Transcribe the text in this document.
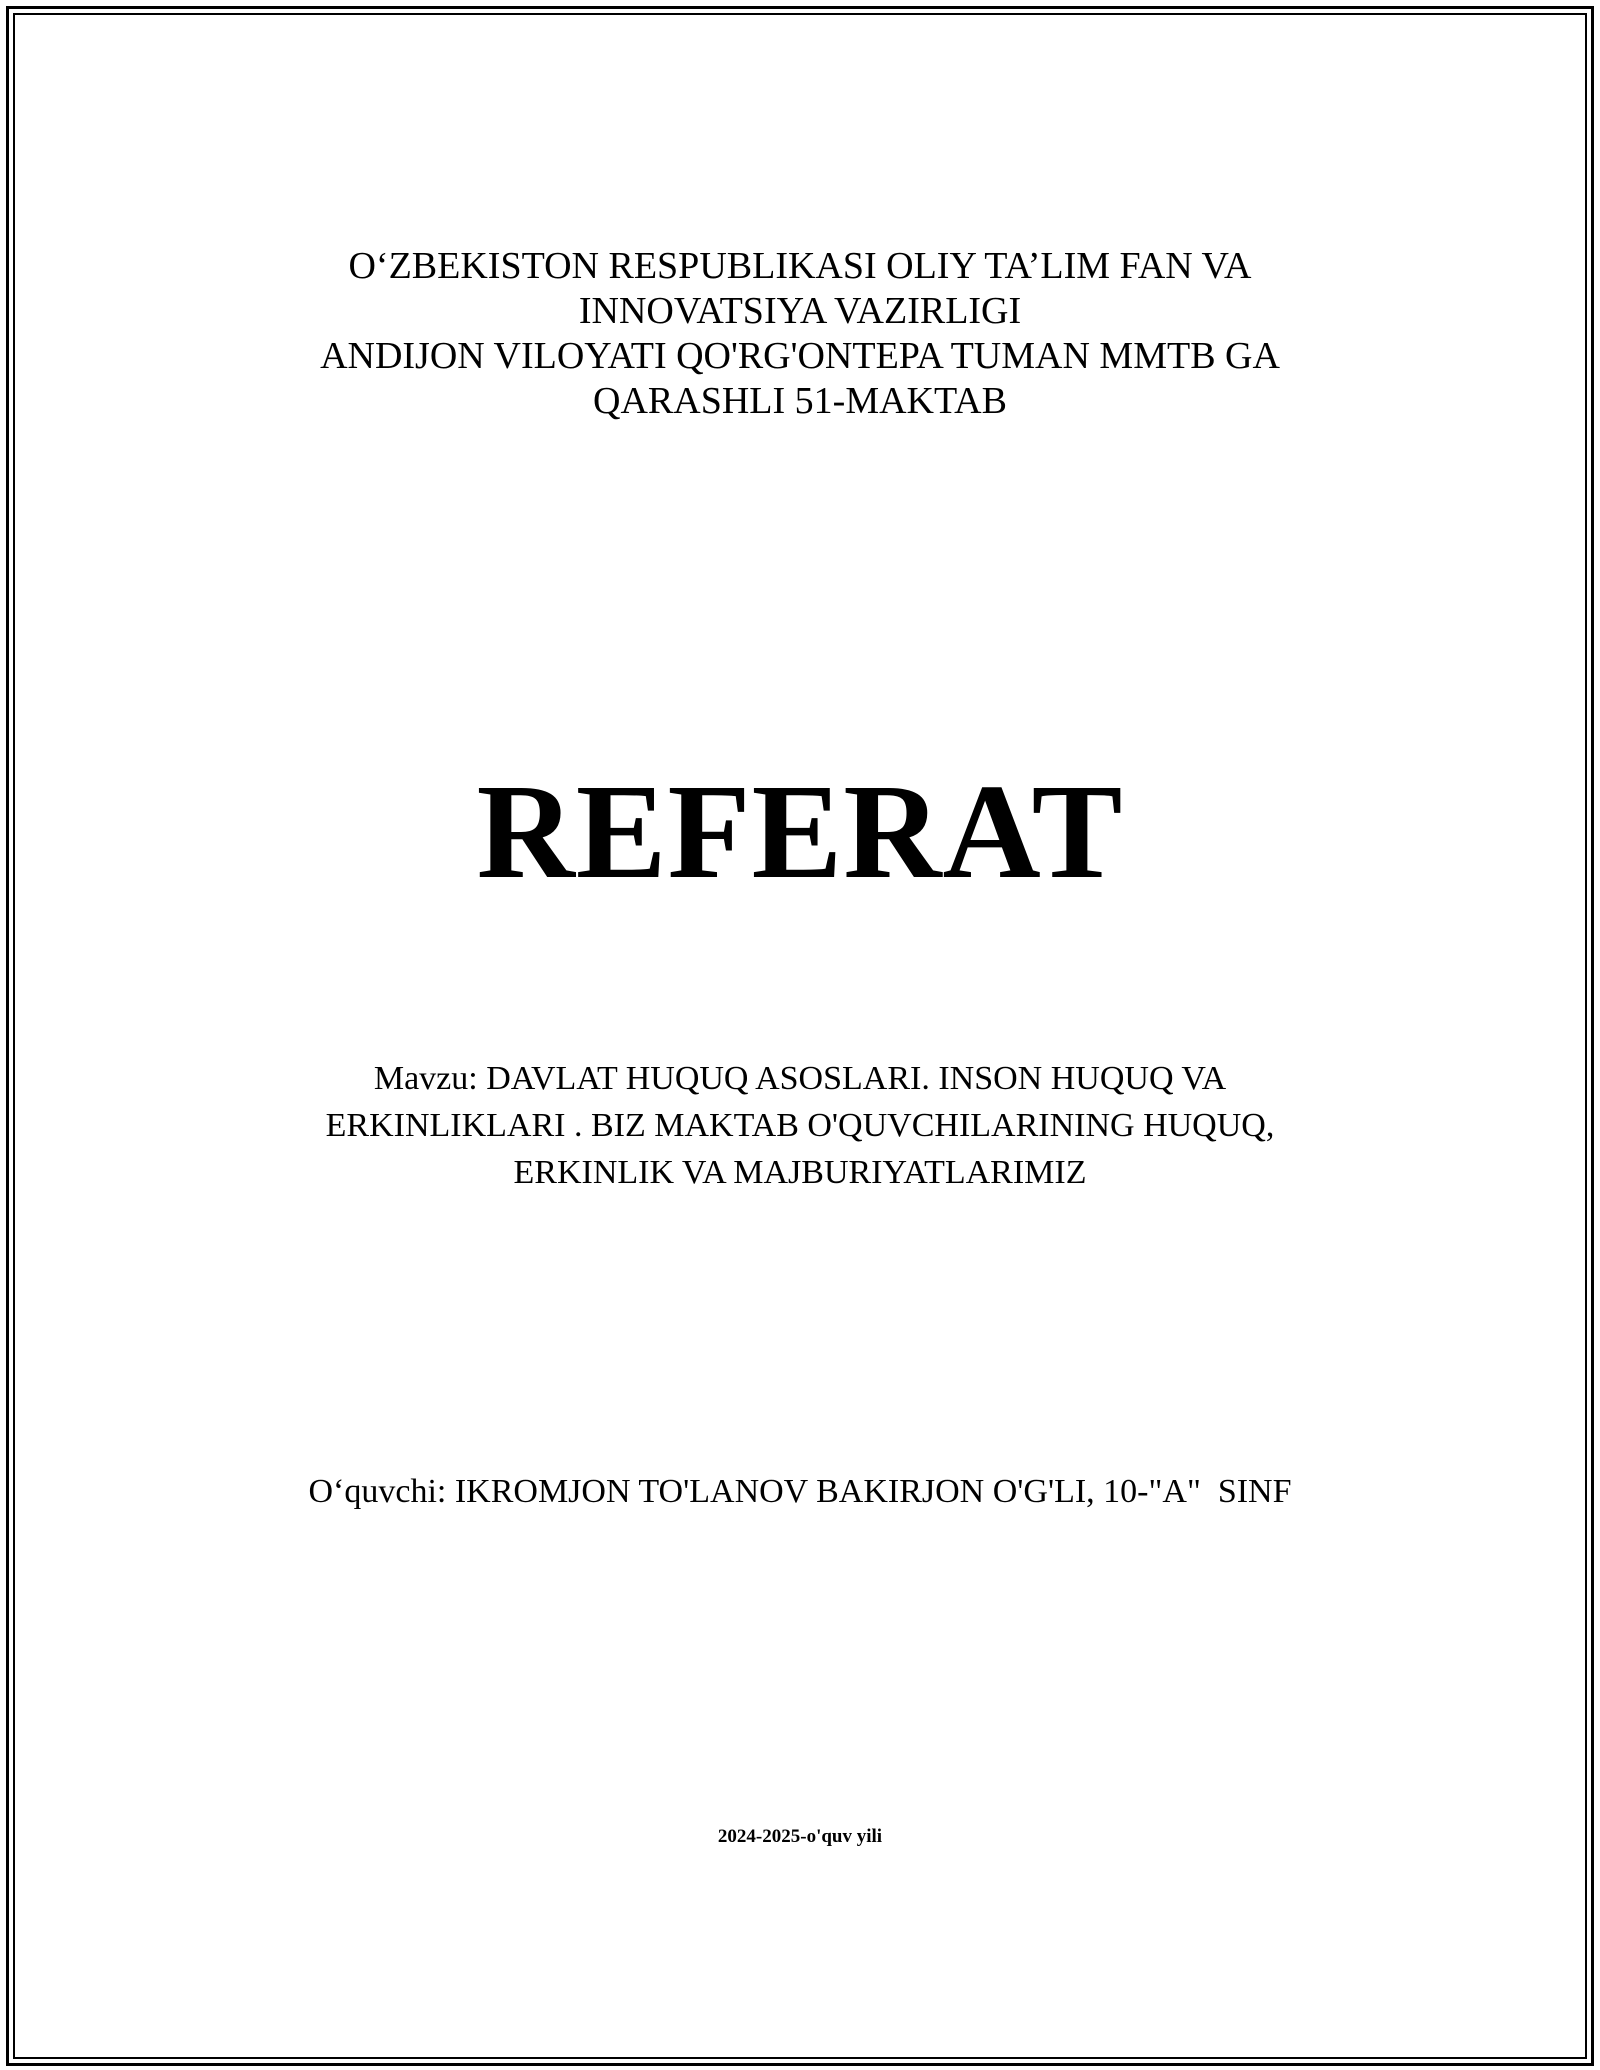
O‘ZBEKISTON RESPUBLIKASI OLIY TA’LIM FAN VA
INNOVATSIYA VAZIRLIGI
ANDIJON VILOYATI QO'RG'ONTEPA TUMAN MMTB GA
QARASHLI 51-MAKTAB
REFERAT
Mavzu: DAVLAT HUQUQ ASOSLARI. INSON HUQUQ VA
ERKINLIKLARI . BIZ MAKTAB O'QUVCHILARINING HUQUQ,
ERKINLIK VA MAJBURIYATLARIMIZ
O‘quvchi: IKROMJON TO'LANOV BAKIRJON O'G'LI, 10-"A"  SINF
2024-2025-o'quv yili
